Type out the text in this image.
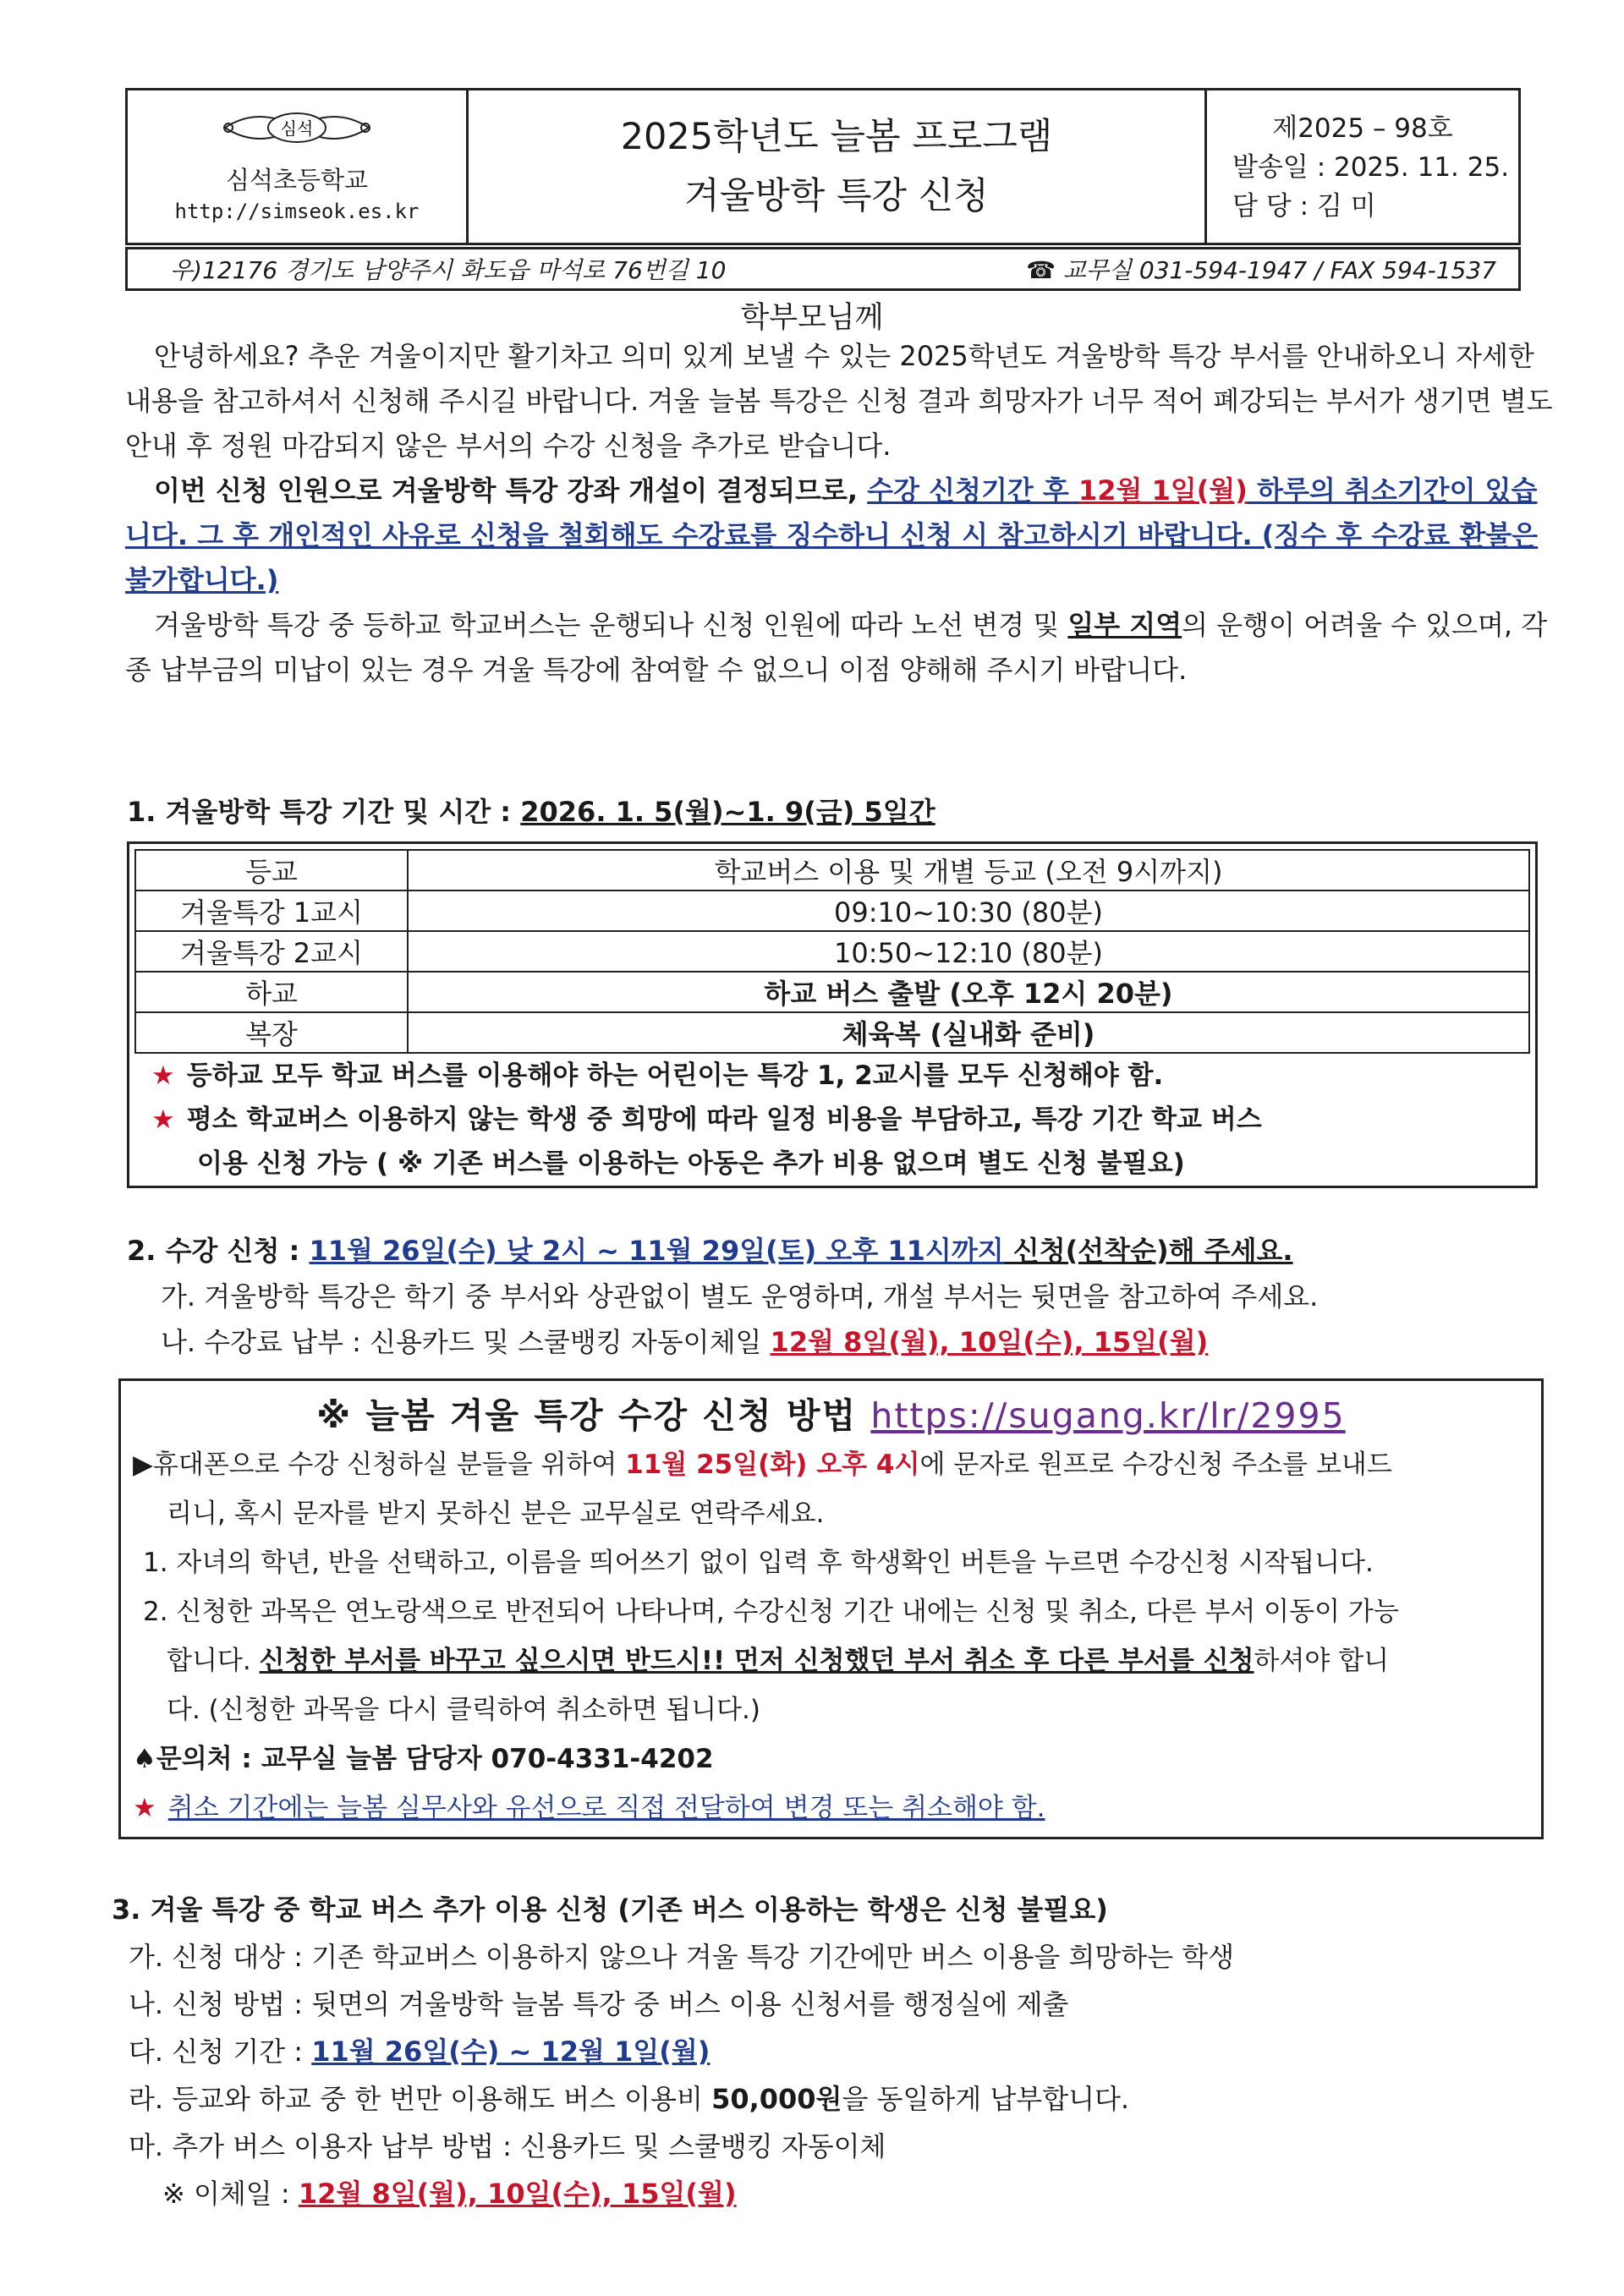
심석
심석초등학교
http://simseok.es.kr
2025학년도 늘봄 프로그램
겨울방학 특강 신청
제2025 – 98호
발송일 : 2025. 11. 25.
담 당 : 김 미
우)12176 경기도 남양주시 화도읍 마석로 76번길 10	☎ 교무실 031-594-1947 / FAX 594-1537
학부모님께

안녕하세요? 추운 겨울이지만 활기차고 의미 있게 보낼 수 있는 2025학년도 겨울방학 특강 부서를 안내하오니 자세한 내용을 참고하셔서 신청해 주시길 바랍니다. 겨울 늘봄 특강은 신청 결과 희망자가 너무 적어 폐강되는 부서가 생기면 별도 안내 후 정원 마감되지 않은 부서의 수강 신청을 추가로 받습니다.

이번 신청 인원으로 겨울방학 특강 강좌 개설이 결정되므로, 수강 신청기간 후 12월 1일(월) 하루의 취소기간이 있습니다. 그 후 개인적인 사유로 신청을 철회해도 수강료를 징수하니 신청 시 참고하시기 바랍니다. (징수 후 수강료 환불은 불가합니다.)

겨울방학 특강 중 등하교 학교버스는 운행되나 신청 인원에 따라 노선 변경 및 일부 지역의 운행이 어려울 수 있으며, 각종 납부금의 미납이 있는 경우 겨울 특강에 참여할 수 없으니 이점 양해해 주시기 바랍니다.

1. 겨울방학 특강 기간 및 시간 : 2026. 1. 5(월)~1. 9(금) 5일간
등교	학교버스 이용 및 개별 등교 (오전 9시까지)
겨울특강 1교시	09:10~10:30 (80분)
겨울특강 2교시	10:50~12:10 (80분)
하교	하교 버스 출발 (오후 12시 20분)
복장	체육복 (실내화 준비)
★ 등하교 모두 학교 버스를 이용해야 하는 어린이는 특강 1, 2교시를 모두 신청해야 함.
★ 평소 학교버스 이용하지 않는 학생 중 희망에 따라 일정 비용을 부담하고, 특강 기간 학교 버스
이용 신청 가능 ( ※ 기존 버스를 이용하는 아동은 추가 비용 없으며 별도 신청 불필요)
2. 수강 신청 : 11월 26일(수) 낮 2시 ~ 11월 29일(토) 오후 11시까지 신청(선착순)해 주세요.
가. 겨울방학 특강은 학기 중 부서와 상관없이 별도 운영하며, 개설 부서는 뒷면을 참고하여 주세요.
나. 수강료 납부 : 신용카드 및 스쿨뱅킹 자동이체일 12월 8일(월), 10일(수), 15일(월)
※ 늘봄 겨울 특강 수강 신청 방법 https://sugang.kr/lr/2995
▶휴대폰으로 수강 신청하실 분들을 위하여 11월 25일(화) 오후 4시에 문자로 원프로 수강신청 주소를 보내드
리니, 혹시 문자를 받지 못하신 분은 교무실로 연락주세요.
1. 자녀의 학년, 반을 선택하고, 이름을 띄어쓰기 없이 입력 후 학생확인 버튼을 누르면 수강신청 시작됩니다.
2. 신청한 과목은 연노랑색으로 반전되어 나타나며, 수강신청 기간 내에는 신청 및 취소, 다른 부서 이동이 가능
합니다. 신청한 부서를 바꾸고 싶으시면 반드시!! 먼저 신청했던 부서 취소 후 다른 부서를 신청하셔야 합니
다. (신청한 과목을 다시 클릭하여 취소하면 됩니다.)
♠문의처 : 교무실 늘봄 담당자 070-4331-4202
★ 취소 기간에는 늘봄 실무사와 유선으로 직접 전달하여 변경 또는 취소해야 함.
3. 겨울 특강 중 학교 버스 추가 이용 신청 (기존 버스 이용하는 학생은 신청 불필요)
가. 신청 대상 : 기존 학교버스 이용하지 않으나 겨울 특강 기간에만 버스 이용을 희망하는 학생
나. 신청 방법 : 뒷면의 겨울방학 늘봄 특강 중 버스 이용 신청서를 행정실에 제출
다. 신청 기간 : 11월 26일(수) ~ 12월 1일(월)
라. 등교와 하교 중 한 번만 이용해도 버스 이용비 50,000원을 동일하게 납부합니다.
마. 추가 버스 이용자 납부 방법 : 신용카드 및 스쿨뱅킹 자동이체
※ 이체일 : 12월 8일(월), 10일(수), 15일(월)
